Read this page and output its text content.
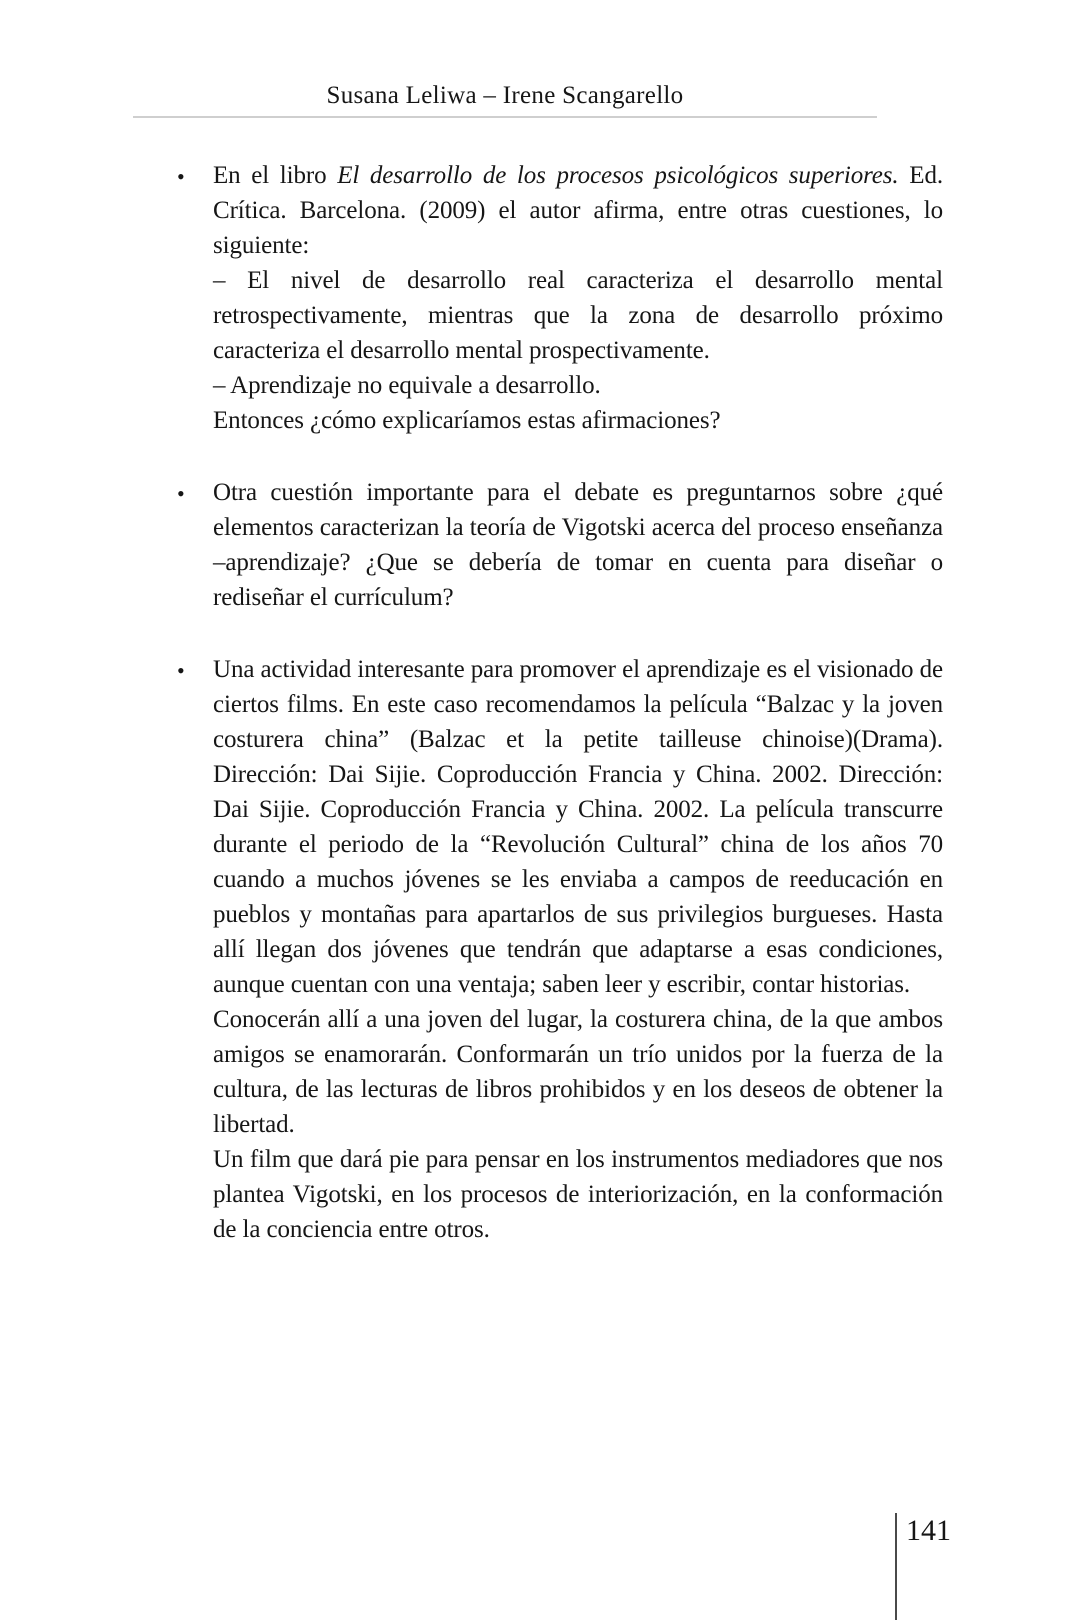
Susana Leliwa – Irene Scangarello
• En el libro El desarrollo de los procesos psicológicos superiores. Ed. Crítica. Barcelona. (2009) el autor afirma, entre otras cuestiones, lo siguiente:

– El nivel de desarrollo real caracteriza el desarrollo mental retrospectivamente, mientras que la zona de desarrollo próximo caracteriza el desarrollo mental prospectivamente.

– Aprendizaje no equivale a desarrollo.

Entonces ¿cómo explicaríamos estas afirmaciones?

• Otra cuestión importante para el debate es preguntarnos sobre ¿qué elementos caracterizan la teoría de Vigotski acerca del proceso enseñanza –aprendizaje? ¿Que se debería de tomar en cuenta para diseñar o rediseñar el currículum?

• Una actividad interesante para promover el aprendizaje es el visionado de ciertos films. En este caso recomendamos la película “Balzac y la joven costurera china” (Balzac et la petite tailleuse chinoise)(Drama). Dirección: Dai Sijie. Coproducción Francia y China. 2002. Dirección: Dai Sijie. Coproducción Francia y China. 2002. La película transcurre durante el periodo de la “Revolución Cultural” china de los años 70 cuando a muchos jóvenes se les enviaba a campos de reeducación en pueblos y montañas para apartarlos de sus privilegios burgueses. Hasta allí llegan dos jóvenes que tendrán que adaptarse a esas condiciones, aunque cuentan con una ventaja; saben leer y escribir, contar historias.

Conocerán allí a una joven del lugar, la costurera china, de la que ambos amigos se enamorarán. Conformarán un trío unidos por la fuerza de la cultura, de las lecturas de libros prohibidos y en los deseos de obtener la libertad.

Un film que dará pie para pensar en los instrumentos mediadores que nos plantea Vigotski, en los procesos de interiorización, en la conformación de la conciencia entre otros.

141
